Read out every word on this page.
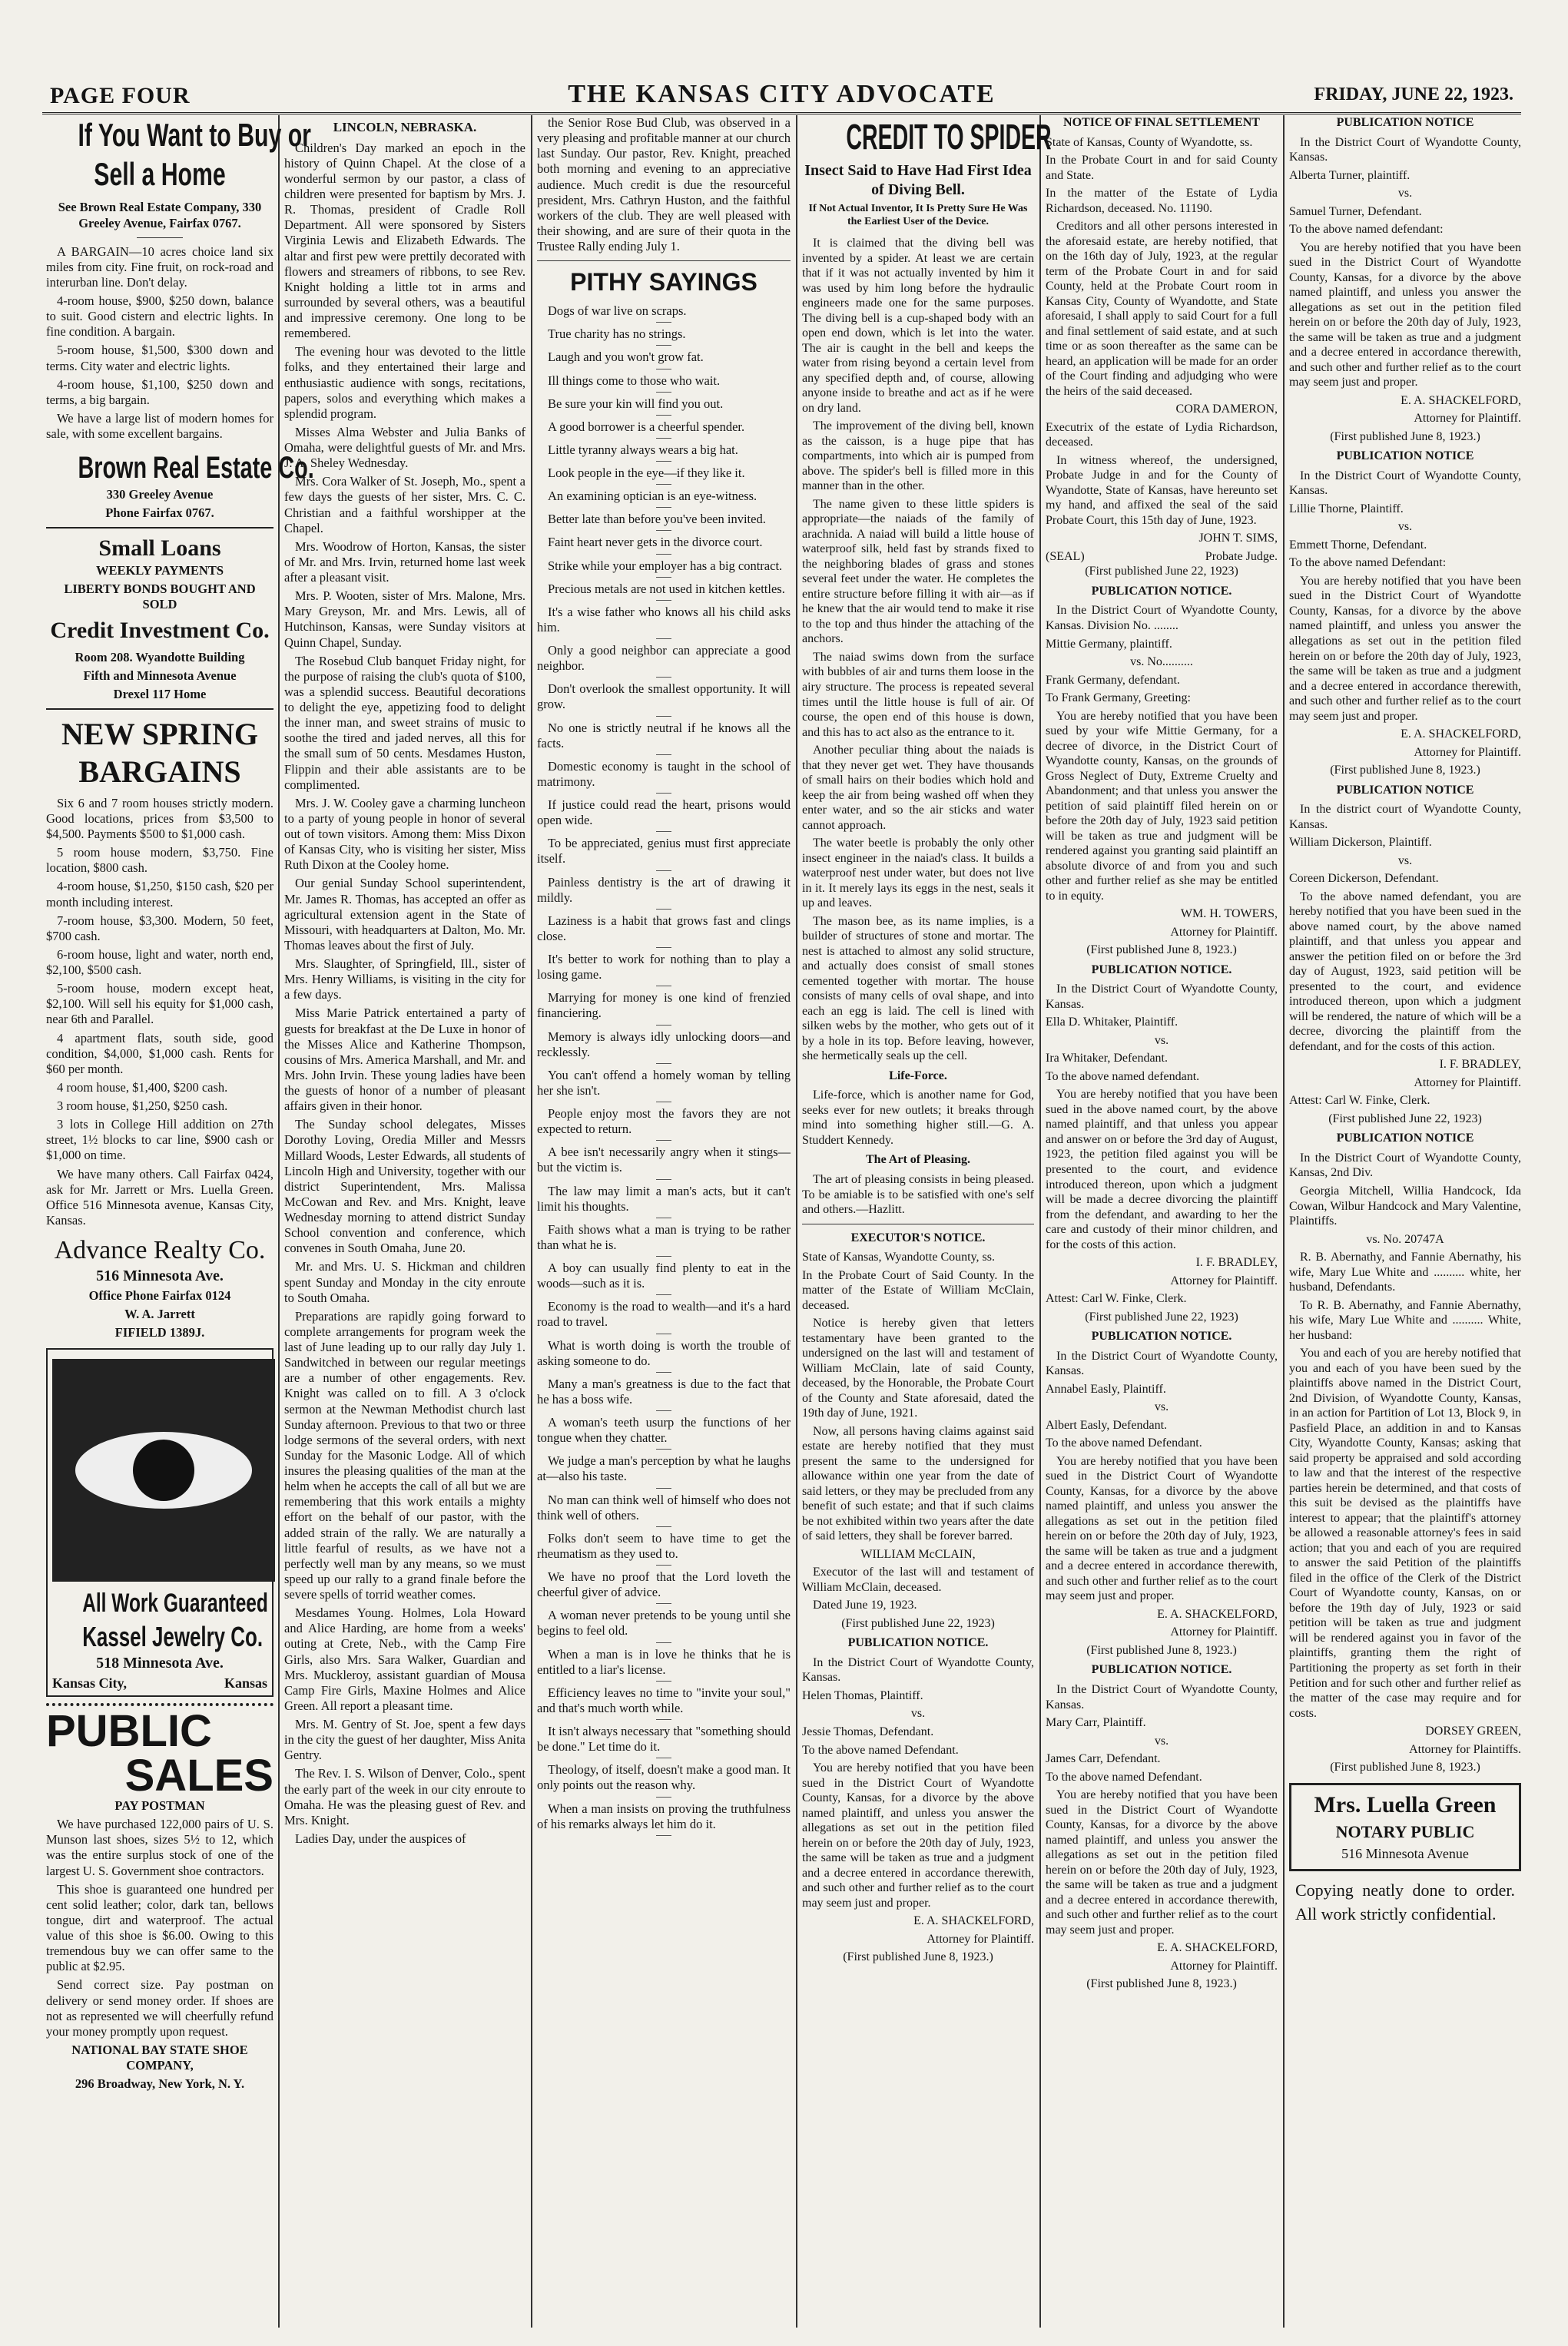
PAGE FOUR	THE KANSAS CITY ADVOCATE	FRIDAY, JUNE 22, 1923.
If You Want to Buy or
Sell a Home

See Brown Real Estate Company, 330 Greeley Avenue, Fairfax 0767.

A BARGAIN—10 acres choice land six miles from city. Fine fruit, on rock-road and interurban line. Don't delay.

4-room house, $900, $250 down, balance to suit. Good cistern and electric lights. In fine condition. A bargain.

5-room house, $1,500, $300 down and terms. City water and electric lights.

4-room house, $1,100, $250 down and terms, a big bargain.

We have a large list of modern homes for sale, with some excellent bargains.

Brown Real Estate Co.

330 Greeley Avenue

Phone Fairfax 0767.

Small Loans

WEEKLY PAYMENTS

LIBERTY BONDS BOUGHT AND SOLD

Credit Investment Co.

Room 208. Wyandotte Building

Fifth and Minnesota Avenue

Drexel 117 Home

NEW SPRING
BARGAINS

Six 6 and 7 room houses strictly modern. Good locations, prices from $3,500 to $4,500. Payments $500 to $1,000 cash.

5 room house modern, $3,750. Fine location, $800 cash.

4-room house, $1,250, $150 cash, $20 per month including interest.

7-room house, $3,300. Modern, 50 feet, $700 cash.

6-room house, light and water, north end, $2,100, $500 cash.

5-room house, modern except heat, $2,100. Will sell his equity for $1,000 cash, near 6th and Parallel.

4 apartment flats, south side, good condition, $4,000, $1,000 cash. Rents for $60 per month.

4 room house, $1,400, $200 cash.

3 room house, $1,250, $250 cash.

3 lots in College Hill addition on 27th street, 1½ blocks to car line, $900 cash or $1,000 on time.

We have many others. Call Fairfax 0424, ask for Mr. Jarrett or Mrs. Luella Green. Office 516 Minnesota avenue, Kansas City, Kansas.

Advance Realty Co.

516 Minnesota Ave.

Office Phone Fairfax 0124

W. A. Jarrett

FIFIELD 1389J.

All Work Guaranteed
Kassel Jewelry Co.

518 Minnesota Ave.

Kansas City,	Kansas
PUBLIC
SALES

PAY POSTMAN

We have purchased 122,000 pairs of U. S. Munson last shoes, sizes 5½ to 12, which was the entire surplus stock of one of the largest U. S. Government shoe contractors.

This shoe is guaranteed one hundred per cent solid leather; color, dark tan, bellows tongue, dirt and waterproof. The actual value of this shoe is $6.00. Owing to this tremendous buy we can offer same to the public at $2.95.

Send correct size. Pay postman on delivery or send money order. If shoes are not as represented we will cheerfully refund your money promptly upon request.

NATIONAL BAY STATE SHOE COMPANY,

296 Broadway, New York, N. Y.

LINCOLN, NEBRASKA.

Children's Day marked an epoch in the history of Quinn Chapel. At the close of a wonderful sermon by our pastor, a class of children were presented for baptism by Mrs. J. R. Thomas, president of Cradle Roll Department. All were sponsored by Sisters Virginia Lewis and Elizabeth Edwards. The altar and first pew were prettily decorated with flowers and streamers of ribbons, to see Rev. Knight holding a little tot in arms and surrounded by several others, was a beautiful and impressive ceremony. One long to be remembered.

The evening hour was devoted to the little folks, and they entertained their large and enthusiastic audience with songs, recitations, papers, solos and everything which makes a splendid program.

Misses Alma Webster and Julia Banks of Omaha, were delightful guests of Mr. and Mrs. J. A. Sheley Wednesday.

Mrs. Cora Walker of St. Joseph, Mo., spent a few days the guests of her sister, Mrs. C. C. Christian and a faithful worshipper at the Chapel.

Mrs. Woodrow of Horton, Kansas, the sister of Mr. and Mrs. Irvin, returned home last week after a pleasant visit.

Mrs. P. Wooten, sister of Mrs. Malone, Mrs. Mary Greyson, Mr. and Mrs. Lewis, all of Hutchinson, Kansas, were Sunday visitors at Quinn Chapel, Sunday.

The Rosebud Club banquet Friday night, for the purpose of raising the club's quota of $100, was a splendid success. Beautiful decorations to delight the eye, appetizing food to delight the inner man, and sweet strains of music to soothe the tired and jaded nerves, all this for the small sum of 50 cents. Mesdames Huston, Flippin and their able assistants are to be complimented.

Mrs. J. W. Cooley gave a charming luncheon to a party of young people in honor of several out of town visitors. Among them: Miss Dixon of Kansas City, who is visiting her sister, Miss Ruth Dixon at the Cooley home.

Our genial Sunday School superintendent, Mr. James R. Thomas, has accepted an offer as agricultural extension agent in the State of Missouri, with headquarters at Dalton, Mo. Mr. Thomas leaves about the first of July.

Mrs. Slaughter, of Springfield, Ill., sister of Mrs. Henry Williams, is visiting in the city for a few days.

Miss Marie Patrick entertained a party of guests for breakfast at the De Luxe in honor of the Misses Alice and Katherine Thompson, cousins of Mrs. America Marshall, and Mr. and Mrs. John Irvin. These young ladies have been the guests of honor of a number of pleasant affairs given in their honor.

The Sunday school delegates, Misses Dorothy Loving, Oredia Miller and Messrs Millard Woods, Lester Edwards, all students of Lincoln High and University, together with our district Superintendent, Mrs. Malissa McCowan and Rev. and Mrs. Knight, leave Wednesday morning to attend district Sunday School convention and conference, which convenes in South Omaha, June 20.

Mr. and Mrs. U. S. Hickman and children spent Sunday and Monday in the city enroute to South Omaha.

Preparations are rapidly going forward to complete arrangements for program week the last of June leading up to our rally day July 1. Sandwitched in between our regular meetings are a number of other engagements. Rev. Knight was called on to fill. A 3 o'clock sermon at the Newman Methodist church last Sunday afternoon. Previous to that two or three lodge sermons of the several orders, with next Sunday for the Masonic Lodge. All of which insures the pleasing qualities of the man at the helm when he accepts the call of all but we are remembering that this work entails a mighty effort on the behalf of our pastor, with the added strain of the rally. We are naturally a little fearful of results, as we have not a perfectly well man by any means, so we must speed up our rally to a grand finale before the severe spells of torrid weather comes.

Mesdames Young. Holmes, Lola Howard and Alice Harding, are home from a weeks' outing at Crete, Neb., with the Camp Fire Girls, also Mrs. Sara Walker, Guardian and Mrs. Muckleroy, assistant guardian of Mousa Camp Fire Girls, Maxine Holmes and Alice Green. All report a pleasant time.

Mrs. M. Gentry of St. Joe, spent a few days in the city the guest of her daughter, Miss Anita Gentry.

The Rev. I. S. Wilson of Denver, Colo., spent the early part of the week in our city enroute to Omaha. He was the pleasing guest of Rev. and Mrs. Knight.

Ladies Day, under the auspices of

the Senior Rose Bud Club, was observed in a very pleasing and profitable manner at our church last Sunday. Our pastor, Rev. Knight, preached both morning and evening to an appreciative audience. Much credit is due the resourceful president, Mrs. Cathryn Huston, and the faithful workers of the club. They are well pleased with their showing, and are sure of their quota in the Trustee Rally ending July 1.

PITHY SAYINGS

Dogs of war live on scraps.

True charity has no strings.

Laugh and you won't grow fat.

Ill things come to those who wait.

Be sure your kin will find you out.

A good borrower is a cheerful spender.

Little tyranny always wears a big hat.

Look people in the eye—if they like it.

An examining optician is an eye-witness.

Better late than before you've been invited.

Faint heart never gets in the divorce court.

Strike while your employer has a big contract.

Precious metals are not used in kitchen kettles.

It's a wise father who knows all his child asks him.

Only a good neighbor can appreciate a good neighbor.

Don't overlook the smallest opportunity. It will grow.

No one is strictly neutral if he knows all the facts.

Domestic economy is taught in the school of matrimony.

If justice could read the heart, prisons would open wide.

To be appreciated, genius must first appreciate itself.

Painless dentistry is the art of drawing it mildly.

Laziness is a habit that grows fast and clings close.

It's better to work for nothing than to play a losing game.

Marrying for money is one kind of frenzied financiering.

Memory is always idly unlocking doors—and recklessly.

You can't offend a homely woman by telling her she isn't.

People enjoy most the favors they are not expected to return.

A bee isn't necessarily angry when it stings—but the victim is.

The law may limit a man's acts, but it can't limit his thoughts.

Faith shows what a man is trying to be rather than what he is.

A boy can usually find plenty to eat in the woods—such as it is.

Economy is the road to wealth—and it's a hard road to travel.

What is worth doing is worth the trouble of asking someone to do.

Many a man's greatness is due to the fact that he has a boss wife.

A woman's teeth usurp the functions of her tongue when they chatter.

We judge a man's perception by what he laughs at—also his taste.

No man can think well of himself who does not think well of others.

Folks don't seem to have time to get the rheumatism as they used to.

We have no proof that the Lord loveth the cheerful giver of advice.

A woman never pretends to be young until she begins to feel old.

When a man is in love he thinks that he is entitled to a liar's license.

Efficiency leaves no time to "invite your soul," and that's much worth while.

It isn't always necessary that "something should be done." Let time do it.

Theology, of itself, doesn't make a good man. It only points out the reason why.

When a man insists on proving the truthfulness of his remarks always let him do it.

CREDIT TO SPIDER
Insect Said to Have Had First Idea of Diving Bell.
If Not Actual Inventor, It Is Pretty Sure He Was the Earliest User of the Device.

It is claimed that the diving bell was invented by a spider. At least we are certain that if it was not actually invented by him it was used by him long before the hydraulic engineers made one for the same purposes. The diving bell is a cup-shaped body with an open end down, which is let into the water. The air is caught in the bell and keeps the water from rising beyond a certain level from any specified depth and, of course, allowing anyone inside to breathe and act as if he were on dry land.

The improvement of the diving bell, known as the caisson, is a huge pipe that has compartments, into which air is pumped from above. The spider's bell is filled more in this manner than in the other.

The name given to these little spiders is appropriate—the naiads of the family of arachnida. A naiad will build a little house of waterproof silk, held fast by strands fixed to the neighboring blades of grass and stones several feet under the water. He completes the entire structure before filling it with air—as if he knew that the air would tend to make it rise to the top and thus hinder the attaching of the anchors.

The naiad swims down from the surface with bubbles of air and turns them loose in the airy structure. The process is repeated several times until the little house is full of air. Of course, the open end of this house is down, and this has to act also as the entrance to it.

Another peculiar thing about the naiads is that they never get wet. They have thousands of small hairs on their bodies which hold and keep the air from being washed off when they enter water, and so the air sticks and water cannot approach.

The water beetle is probably the only other insect engineer in the naiad's class. It builds a waterproof nest under water, but does not live in it. It merely lays its eggs in the nest, seals it up and leaves.

The mason bee, as its name implies, is a builder of structures of stone and mortar. The nest is attached to almost any solid structure, and actually does consist of small stones cemented together with mortar. The house consists of many cells of oval shape, and into each an egg is laid. The cell is lined with silken webs by the mother, who gets out of it by a hole in its top. Before leaving, however, she hermetically seals up the cell.

Life-Force.

Life-force, which is another name for God, seeks ever for new outlets; it breaks through mind into something higher still.—G. A. Studdert Kennedy.

The Art of Pleasing.

The art of pleasing consists in being pleased. To be amiable is to be satisfied with one's self and others.—Hazlitt.

EXECUTOR'S NOTICE.

State of Kansas, Wyandotte County, ss.

In the Probate Court of Said County. In the matter of the Estate of William McClain, deceased.

Notice is hereby given that letters testamentary have been granted to the undersigned on the last will and testament of William McClain, late of said County, deceased, by the Honorable, the Probate Court of the County and State aforesaid, dated the 19th day of June, 1921.

Now, all persons having claims against said estate are hereby notified that they must present the same to the undersigned for allowance within one year from the date of said letters, or they may be precluded from any benefit of such estate; and that if such claims be not exhibited within two years after the date of said letters, they shall be forever barred.

WILLIAM McCLAIN,

Executor of the last will and testament of William McClain, deceased.

Dated June 19, 1923.

(First published June 22, 1923)

PUBLICATION NOTICE.

In the District Court of Wyandotte County, Kansas.

Helen Thomas, Plaintiff.

vs.

Jessie Thomas, Defendant.

To the above named Defendant.

You are hereby notified that you have been sued in the District Court of Wyandotte County, Kansas, for a divorce by the above named plaintiff, and unless you answer the allegations as set out in the petition filed herein on or before the 20th day of July, 1923, the same will be taken as true and a judgment and a decree entered in accordance therewith, and such other and further relief as to the court may seem just and proper.

E. A. SHACKELFORD,

Attorney for Plaintiff.

(First published June 8, 1923.)

NOTICE OF FINAL SETTLEMENT

State of Kansas, County of Wyandotte, ss.

In the Probate Court in and for said County and State.

In the matter of the Estate of Lydia Richardson, deceased. No. 11190.

Creditors and all other persons interested in the aforesaid estate, are hereby notified, that on the 16th day of July, 1923, at the regular term of the Probate Court in and for said County, held at the Probate Court room in Kansas City, County of Wyandotte, and State aforesaid, I shall apply to said Court for a full and final settlement of said estate, and at such time or as soon thereafter as the same can be heard, an application will be made for an order of the Court finding and adjudging who were the heirs of the said deceased.

CORA DAMERON,

Executrix of the estate of Lydia Richardson, deceased.

In witness whereof, the undersigned, Probate Judge in and for the County of Wyandotte, State of Kansas, have hereunto set my hand, and affixed the seal of the said Probate Court, this 15th day of June, 1923.

JOHN T. SIMS,

(SEAL)	Probate Judge.

(First published June 22, 1923)

PUBLICATION NOTICE.

In the District Court of Wyandotte County, Kansas. Division No. ........

Mittie Germany, plaintiff.

vs. No..........

Frank Germany, defendant.

To Frank Germany, Greeting:

You are hereby notified that you have been sued by your wife Mittie Germany, for a decree of divorce, in the District Court of Wyandotte county, Kansas, on the grounds of Gross Neglect of Duty, Extreme Cruelty and Abandonment; and that unless you answer the petition of said plaintiff filed herein on or before the 20th day of July, 1923 said petition will be taken as true and judgment will be rendered against you granting said plaintiff an absolute divorce of and from you and such other and further relief as she may be entitled to in equity.

WM. H. TOWERS,

Attorney for Plaintiff.

(First published June 8, 1923.)

PUBLICATION NOTICE.

In the District Court of Wyandotte County, Kansas.

Ella D. Whitaker, Plaintiff.

vs.

Ira Whitaker, Defendant.

To the above named defendant.

You are hereby notified that you have been sued in the above named court, by the above named plaintiff, and that unless you appear and answer on or before the 3rd day of August, 1923, the petition filed against you will be presented to the court, and evidence introduced thereon, upon which a judgment will be made a decree divorcing the plaintiff from the defendant, and awarding to her the care and custody of their minor children, and for the costs of this action.

I. F. BRADLEY,

Attorney for Plaintiff.

Attest: Carl W. Finke, Clerk.

(First published June 22, 1923)

PUBLICATION NOTICE.

In the District Court of Wyandotte County, Kansas.

Annabel Easly, Plaintiff.

vs.

Albert Easly, Defendant.

To the above named Defendant.

You are hereby notified that you have been sued in the District Court of Wyandotte County, Kansas, for a divorce by the above named plaintiff, and unless you answer the allegations as set out in the petition filed herein on or before the 20th day of July, 1923, the same will be taken as true and a judgment and a decree entered in accordance therewith, and such other and further relief as to the court may seem just and proper.

E. A. SHACKELFORD,

Attorney for Plaintiff.

(First published June 8, 1923.)

PUBLICATION NOTICE.

In the District Court of Wyandotte County, Kansas.

Mary Carr, Plaintiff.

vs.

James Carr, Defendant.

To the above named Defendant.

You are hereby notified that you have been sued in the District Court of Wyandotte County, Kansas, for a divorce by the above named plaintiff, and unless you answer the allegations as set out in the petition filed herein on or before the 20th day of July, 1923, the same will be taken as true and a judgment and a decree entered in accordance therewith, and such other and further relief as to the court may seem just and proper.

E. A. SHACKELFORD,

Attorney for Plaintiff.

(First published June 8, 1923.)

PUBLICATION NOTICE

In the District Court of Wyandotte County, Kansas.

Alberta Turner, plaintiff.

vs.

Samuel Turner, Defendant.

To the above named defendant:

You are hereby notified that you have been sued in the District Court of Wyandotte County, Kansas, for a divorce by the above named plaintiff, and unless you answer the allegations as set out in the petition filed herein on or before the 20th day of July, 1923, the same will be taken as true and a judgment and a decree entered in accordance therewith, and such other and further relief as to the court may seem just and proper.

E. A. SHACKELFORD,

Attorney for Plaintiff.

(First published June 8, 1923.)

PUBLICATION NOTICE

In the District Court of Wyandotte County, Kansas.

Lillie Thorne, Plaintiff.

vs.

Emmett Thorne, Defendant.

To the above named Defendant:

You are hereby notified that you have been sued in the District Court of Wyandotte County, Kansas, for a divorce by the above named plaintiff, and unless you answer the allegations as set out in the petition filed herein on or before the 20th day of July, 1923, the same will be taken as true and a judgment and a decree entered in accordance therewith, and such other and further relief as to the court may seem just and proper.

E. A. SHACKELFORD,

Attorney for Plaintiff.

(First published June 8, 1923.)

PUBLICATION NOTICE

In the district court of Wyandotte County, Kansas.

William Dickerson, Plaintiff.

vs.

Coreen Dickerson, Defendant.

To the above named defendant, you are hereby notified that you have been sued in the above named court, by the above named plaintiff, and that unless you appear and answer the petition filed on or before the 3rd day of August, 1923, said petition will be presented to the court, and evidence introduced thereon, upon which a judgment will be rendered, the nature of which will be a decree, divorcing the plaintiff from the defendant, and for the costs of this action.

I. F. BRADLEY,

Attorney for Plaintiff.

Attest: Carl W. Finke, Clerk.

(First published June 22, 1923)

PUBLICATION NOTICE

In the District Court of Wyandotte County, Kansas, 2nd Div.

Georgia Mitchell, Willia Handcock, Ida Cowan, Wilbur Handcock and Mary Valentine, Plaintiffs.

vs. No. 20747A

R. B. Abernathy, and Fannie Abernathy, his wife, Mary Lue White and .......... white, her husband, Defendants.

To R. B. Abernathy, and Fannie Abernathy, his wife, Mary Lue White and .......... White, her husband:

You and each of you are hereby notified that you and each of you have been sued by the plaintiffs above named in the District Court, 2nd Division, of Wyandotte County, Kansas, in an action for Partition of Lot 13, Block 9, in Pasfield Place, an addition in and to Kansas City, Wyandotte County, Kansas; asking that said property be appraised and sold according to law and that the interest of the respective parties herein be determined, and that costs of this suit be devised as the plaintiffs have interest to appear; that the plaintiff's attorney be allowed a reasonable attorney's fees in said action; that you and each of you are required to answer the said Petition of the plaintiffs filed in the office of the Clerk of the District Court of Wyandotte county, Kansas, on or before the 19th day of July, 1923 or said petition will be taken as true and judgment will be rendered against you in favor of the plaintiffs, granting them the right of Partitioning the property as set forth in their Petition and for such other and further relief as the matter of the case may require and for costs.

DORSEY GREEN,

Attorney for Plaintiffs.

(First published June 8, 1923.)

Mrs. Luella Green
NOTARY PUBLIC
516 Minnesota Avenue
Copying neatly done to order. All work strictly confidential.
